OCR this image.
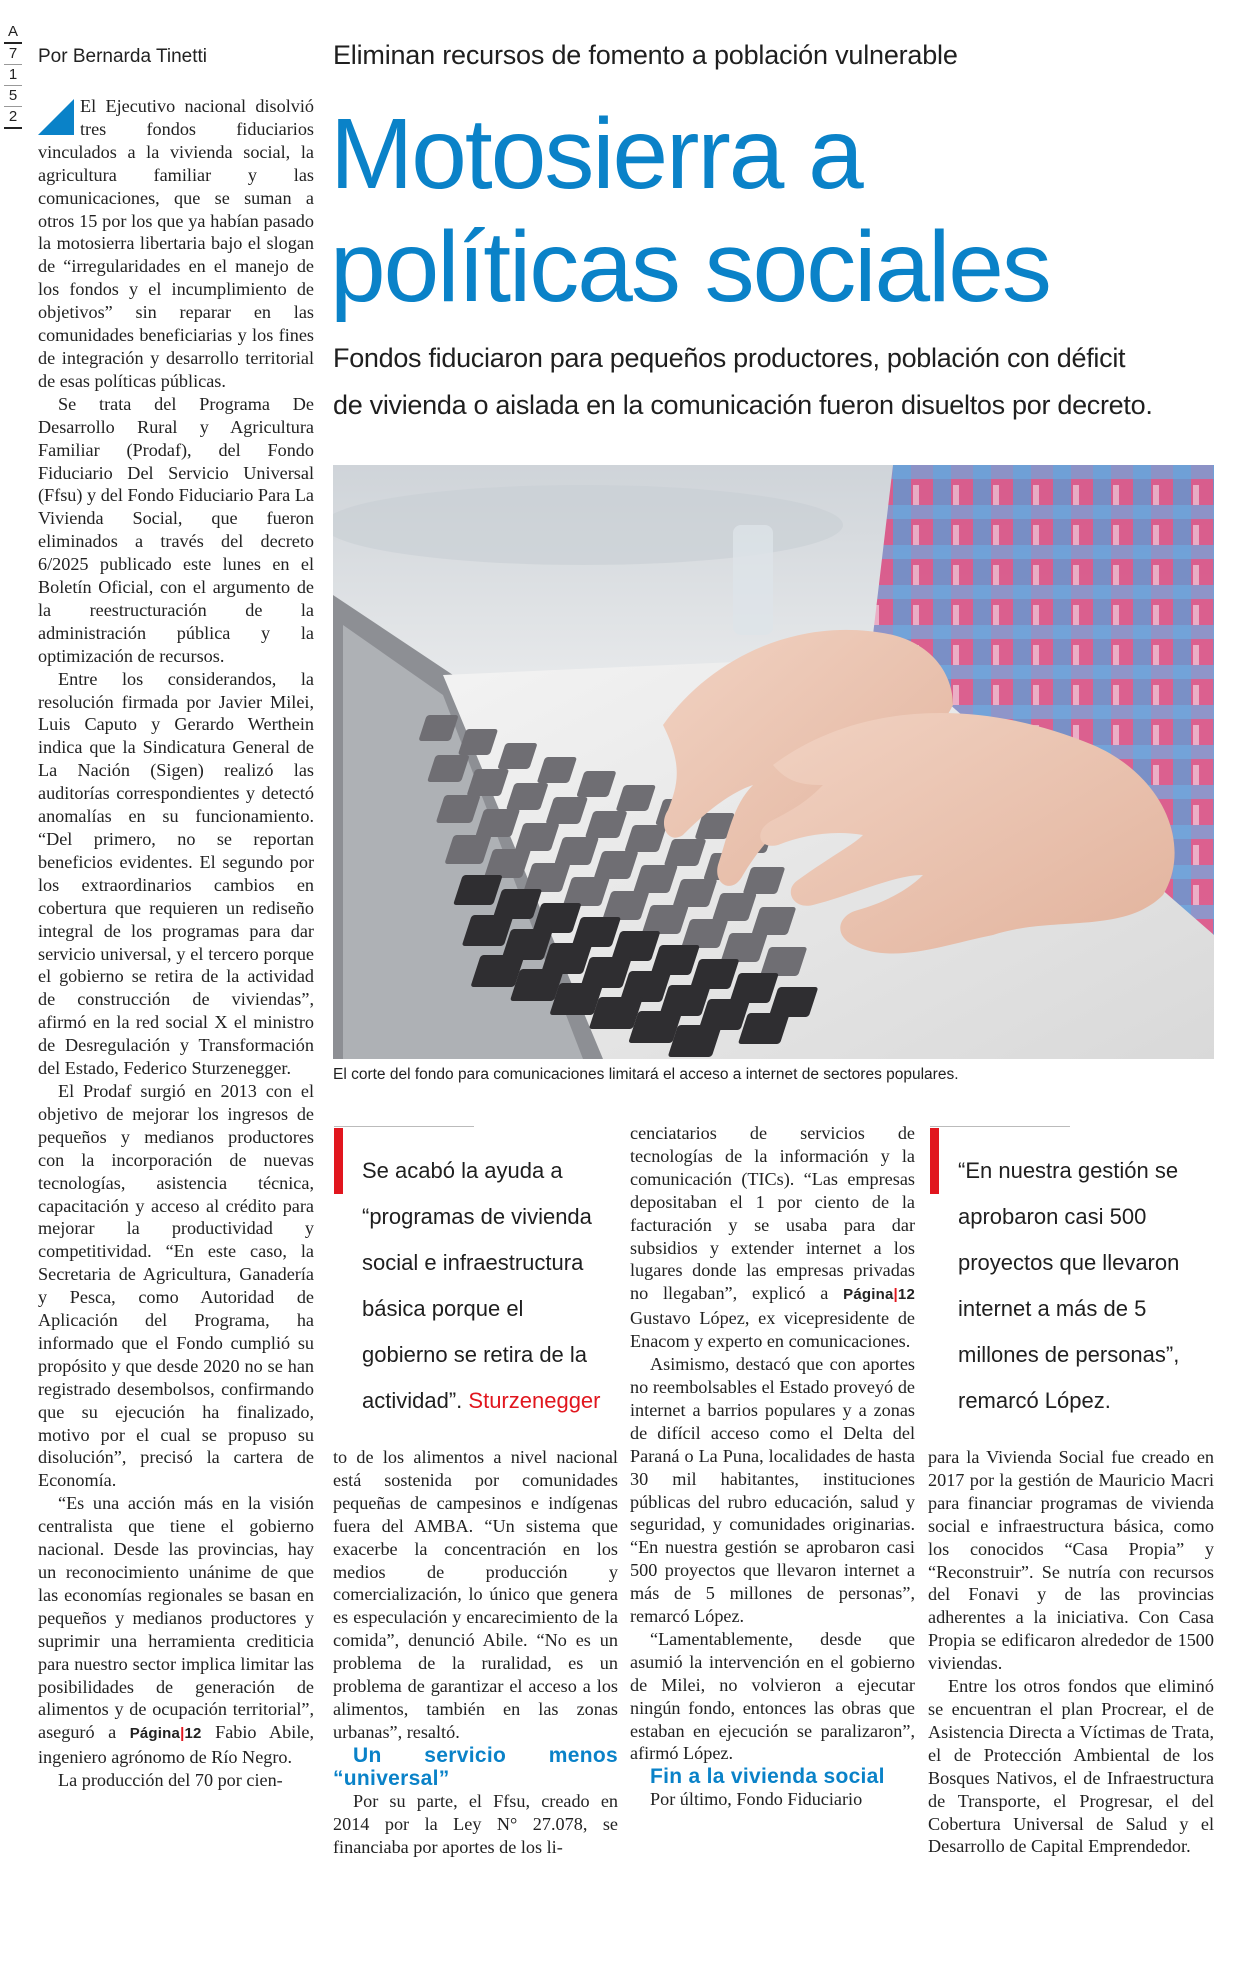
A
7
1
5
2
Por Bernarda Tinetti

El Ejecutivo nacional disolvió tres fondos fiduciarios vinculados a la vivienda social, la agricultura familiar y las comunicaciones, que se suman a otros 15 por los que ya habían pasado la motosierra libertaria bajo el slogan de “irregularidades en el manejo de los fondos y el incumplimiento de objetivos” sin reparar en las comunidades beneficiarias y los fines de integración y desarrollo territorial de esas políticas públicas.

Se trata del Programa De Desarrollo Rural y Agricultura Familiar (Prodaf), del Fondo Fiduciario Del Servicio Universal (Ffsu) y del Fondo Fiduciario Para La Vivienda Social, que fueron eliminados a través del decreto 6/2025 publicado este lunes en el Boletín Oficial, con el argumento de la reestructuración de la administración pública y la optimización de recursos.

Entre los considerandos, la resolución firmada por Javier Milei, Luis Caputo y Gerardo Werthein indica que la Sindicatura General de La Nación (Sigen) realizó las auditorías correspondientes y detectó anomalías en su funcionamiento. “Del primero, no se reportan beneficios evidentes. El segundo por los extraordinarios cambios en cobertura que requieren un rediseño integral de los programas para dar servicio universal, y el tercero porque el gobierno se retira de la actividad de construcción de viviendas”, afirmó en la red social X el ministro de Desregulación y Transformación del Estado, Federico Sturzenegger.

El Prodaf surgió en 2013 con el objetivo de mejorar los ingresos de pequeños y medianos productores con la incorporación de nuevas tecnologías, asistencia técnica, capacitación y acceso al crédito para mejorar la productividad y competitividad. “En este caso, la Secretaria de Agricultura, Ganadería y Pesca, como Autoridad de Aplicación del Programa, ha informado que el Fondo cumplió su propósito y que desde 2020 no se han registrado desembolsos, confirmando que su ejecución ha finalizado, motivo por el cual se propuso su disolución”, precisó la cartera de Economía.

“Es una acción más en la visión centralista que tiene el gobierno nacional. Desde las provincias, hay un reconocimiento unánime de que las economías regionales se basan en pequeños y medianos productores y suprimir una herramienta crediticia para nuestro sector implica limitar las posibilidades de generación de alimentos y de ocupación territorial”, aseguró a Página|12 Fabio Abile, ingeniero agrónomo de Río Negro.

La producción del 70 por cien-

Eliminan recursos de fomento a población vulnerable
Motosierra a
políticas sociales
Fondos fiduciaron para pequeños productores, población con déficit
de vivienda o aislada en la comunicación fueron disueltos por decreto.
El corte del fondo para comunicaciones limitará el acceso a internet de sectores populares.
Se acabó la ayuda a “programas de vivienda social e infraestructura básica porque el gobierno se retira de la actividad”. Sturzenegger
“En nuestra gestión se aprobaron casi 500 proyectos que llevaron internet a más de 5 millones de personas”, remarcó López.

to de los alimentos a nivel nacional está sostenida por comunidades pequeñas de campesinos e indígenas fuera del AMBA. “Un sistema que exacerbe la concentración en los medios de producción y comercialización, lo único que genera es especulación y encarecimiento de la comida”, denunció Abile. “No es un problema de la ruralidad, es un problema de garantizar el acceso a los alimentos, también en las zonas urbanas”, resaltó.

Un servicio menos “universal”

Por su parte, el Ffsu, creado en 2014 por la Ley N° 27.078, se financiaba por aportes de los li-

cenciatarios de servicios de tecnologías de la información y la comunicación (TICs). “Las empresas depositaban el 1 por ciento de la facturación y se usaba para dar subsidios y extender internet a los lugares donde las empresas privadas no llegaban”, explicó a Página|12 Gustavo López, ex vicepresidente de Enacom y experto en comunicaciones.

Asimismo, destacó que con aportes no reembolsables el Estado proveyó de internet a barrios populares y a zonas de difícil acceso como el Delta del Paraná o La Puna, localidades de hasta 30 mil habitantes, instituciones públicas del rubro educación, salud y seguridad, y comunidades originarias. “En nuestra gestión se aprobaron casi 500 proyectos que llevaron internet a más de 5 millones de personas”, remarcó López.

“Lamentablemente, desde que asumió la intervención en el gobierno de Milei, no volvieron a ejecutar ningún fondo, entonces las obras que estaban en ejecución se paralizaron”, afirmó López.

Fin a la vivienda social

Por último, Fondo Fiduciario

para la Vivienda Social fue creado en 2017 por la gestión de Mauricio Macri para financiar programas de vivienda social e infraestructura básica, como los conocidos “Casa Propia” y “Reconstruir”. Se nutría con recursos del Fonavi y de las provincias adherentes a la iniciativa. Con Casa Propia se edificaron alrededor de 1500 viviendas.

Entre los otros fondos que eliminó se encuentran el plan Procrear, el de Asistencia Directa a Víctimas de Trata, el de Protección Ambiental de los Bosques Nativos, el de Infraestructura de Transporte, el Progresar, el del Cobertura Universal de Salud y el Desarrollo de Capital Emprendedor.
